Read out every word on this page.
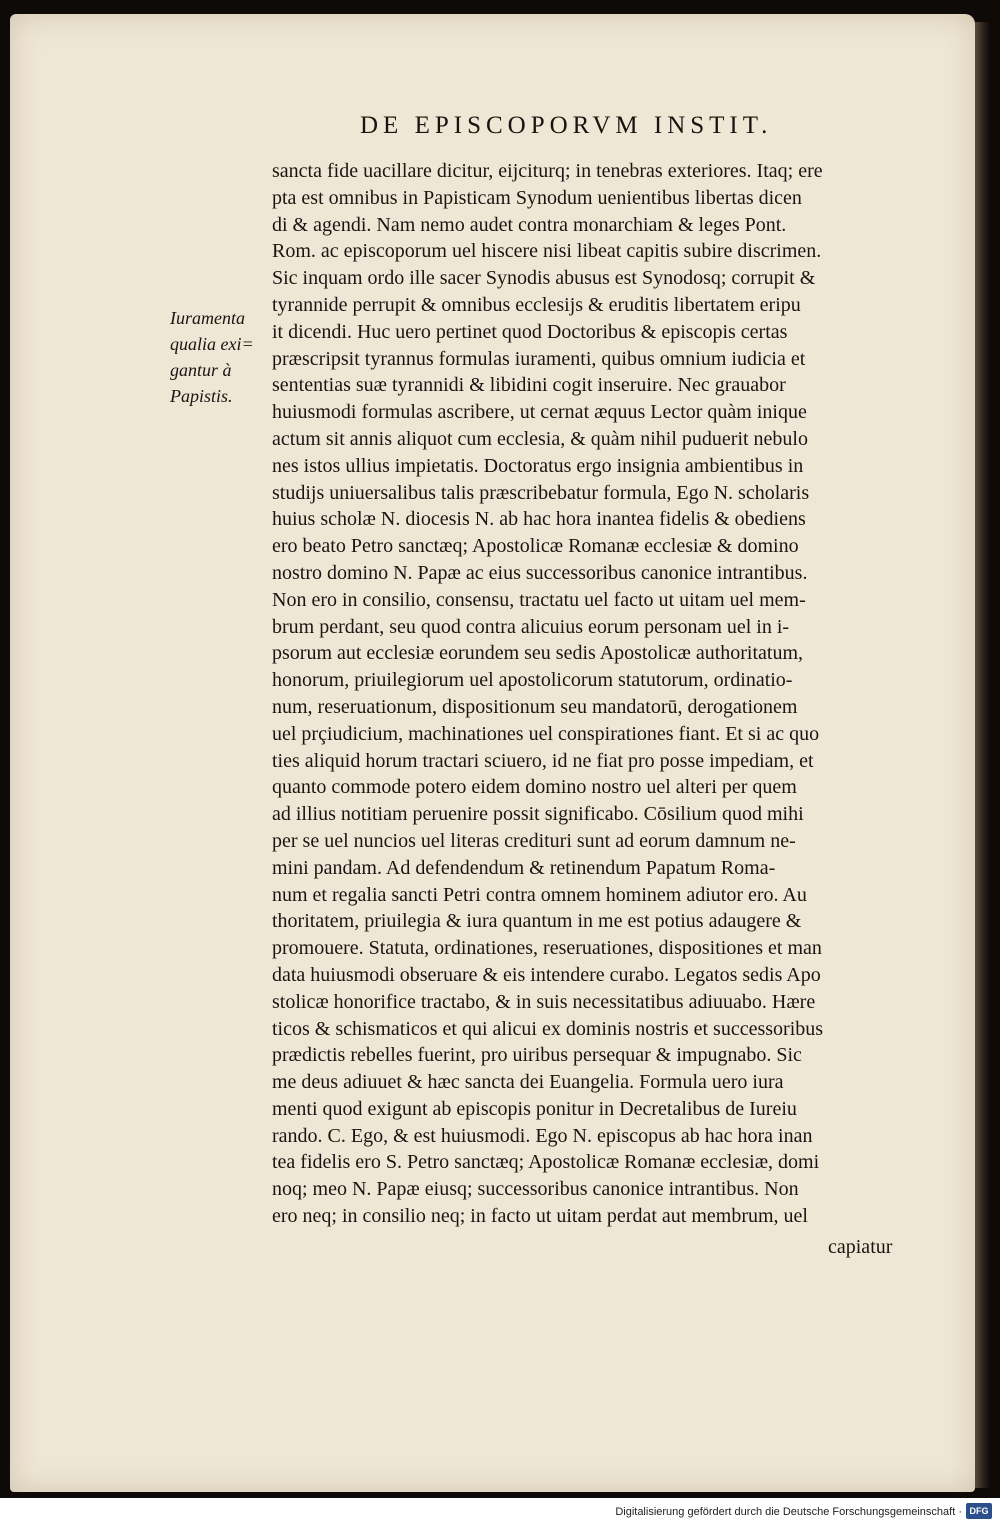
DE EPISCOPORVM INSTIT.
Iuramenta
qualia exi=
gantur à
Papistis.
sancta fide uacillare dicitur, eijciturq; in tenebras exteriores. Itaq; ere
pta est omnibus in Papisticam Synodum uenientibus libertas dicen
di & agendi. Nam nemo audet contra monarchiam & leges Pont.
Rom. ac episcoporum uel hiscere nisi libeat capitis subire discrimen.
Sic inquam ordo ille sacer Synodis abusus est Synodosq; corrupit &
tyrannide perrupit & omnibus ecclesijs & eruditis libertatem eripu
it dicendi. Huc uero pertinet quod Doctoribus & episcopis certas
præscripsit tyrannus formulas iuramenti, quibus omnium iudicia et
sententias suæ tyrannidi & libidini cogit inseruire. Nec grauabor
huiusmodi formulas ascribere, ut cernat æquus Lector quàm inique
actum sit annis aliquot cum ecclesia, & quàm nihil puduerit nebulo
nes istos ullius impietatis. Doctoratus ergo insignia ambientibus in
studijs uniuersalibus talis præscribebatur formula, Ego N. scholaris
huius scholæ N. diocesis N. ab hac hora inantea fidelis & obediens
ero beato Petro sanctæq; Apostolicæ Romanæ ecclesiæ & domino
nostro domino N. Papæ ac eius successoribus canonice intrantibus.
Non ero in consilio, consensu, tractatu uel facto ut uitam uel mem-
brum perdant, seu quod contra alicuius eorum personam uel in i-
psorum aut ecclesiæ eorundem seu sedis Apostolicæ authoritatum,
honorum, priuilegiorum uel apostolicorum statutorum, ordinatio-
num, reseruationum, dispositionum seu mandatorū, derogationem
uel prçiudicium, machinationes uel conspirationes fiant. Et si ac quo
ties aliquid horum tractari sciuero, id ne fiat pro posse impediam, et
quanto commode potero eidem domino nostro uel alteri per quem
ad illius notitiam peruenire possit significabo. Cōsilium quod mihi
per se uel nuncios uel literas credituri sunt ad eorum damnum ne-
mini pandam. Ad defendendum & retinendum Papatum Roma-
num et regalia sancti Petri contra omnem hominem adiutor ero. Au
thoritatem, priuilegia & iura quantum in me est potius adaugere &
promouere. Statuta, ordinationes, reseruationes, dispositiones et man
data huiusmodi obseruare & eis intendere curabo. Legatos sedis Apo
stolicæ honorifice tractabo, & in suis necessitatibus adiuuabo. Hære
ticos & schismaticos et qui alicui ex dominis nostris et successoribus
prædictis rebelles fuerint, pro uiribus persequar & impugnabo. Sic
me deus adiuuet & hæc sancta dei Euangelia. Formula uero iura
menti quod exigunt ab episcopis ponitur in Decretalibus de Iureiu
rando. C. Ego, & est huiusmodi. Ego N. episcopus ab hac hora inan
tea fidelis ero S. Petro sanctæq; Apostolicæ Romanæ ecclesiæ, domi
noq; meo N. Papæ eiusq; successoribus canonice intrantibus. Non
ero neq; in consilio neq; in facto ut uitam perdat aut membrum, uel
capiatur
Digitalisierung gefördert durch die Deutsche Forschungsgemeinschaft · DFG
